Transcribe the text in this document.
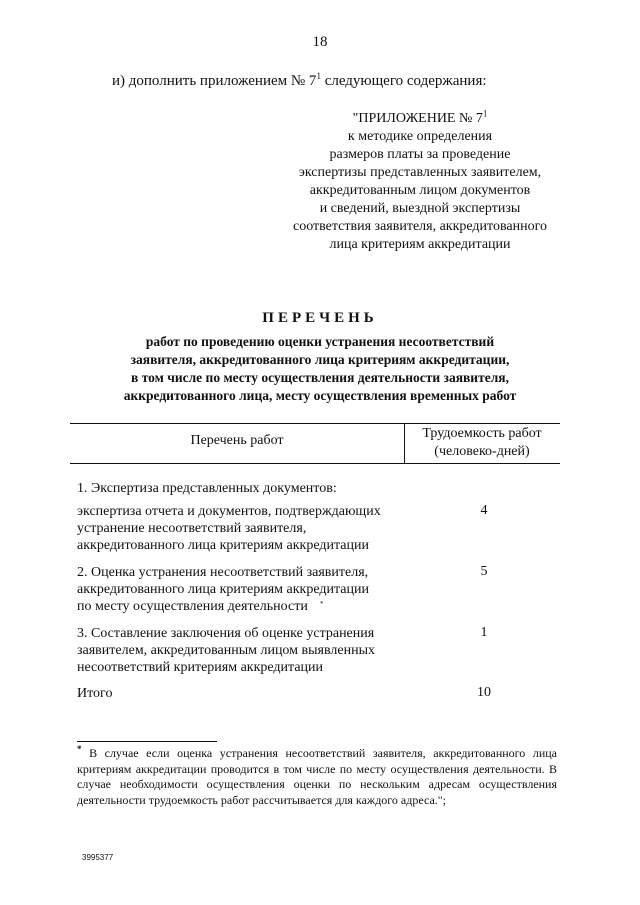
18
и) дополнить приложением № $7^1$ следующего содержания:
"ПРИЛОЖЕНИЕ № $7^1$
к методике определения
размеров платы за проведение
экспертизы представленных заявителем,
аккредитованным лицом документов
и сведений, выездной экспертизы
соответствия заявителя, аккредитованного
лица критериям аккредитации
ПЕРЕЧЕНЬ
работ по проведению оценки устранения несоответствий
заявителя, аккредитованного лица критериям аккредитации,
в том числе по месту осуществления деятельности заявителя,
аккредитованного лица, месту осуществления временных работ
Перечень работ	Трудоемкость работ
(человеко-дней)
1. Экспертиза представленных документов:
экспертиза отчета и документов, подтверждающих
устранение несоответствий заявителя,
аккредитованного лица критериям аккредитации
4
2. Оценка устранения несоответствий заявителя,
аккредитованного лица критериям аккредитации
по месту осуществления деятельности
5
*
3. Составление заключения об оценке устранения
заявителем, аккредитованным лицом выявленных
несоответствий критериям аккредитации
1
Итого	10
* В случае если оценка устранения несоответствий заявителя, аккредитованного лица критериям аккредитации проводится в том числе по месту осуществления деятельности. В случае необходимости осуществления оценки по нескольким адресам осуществления деятельности трудоемкость работ рассчитывается для каждого адреса.";
3995377
